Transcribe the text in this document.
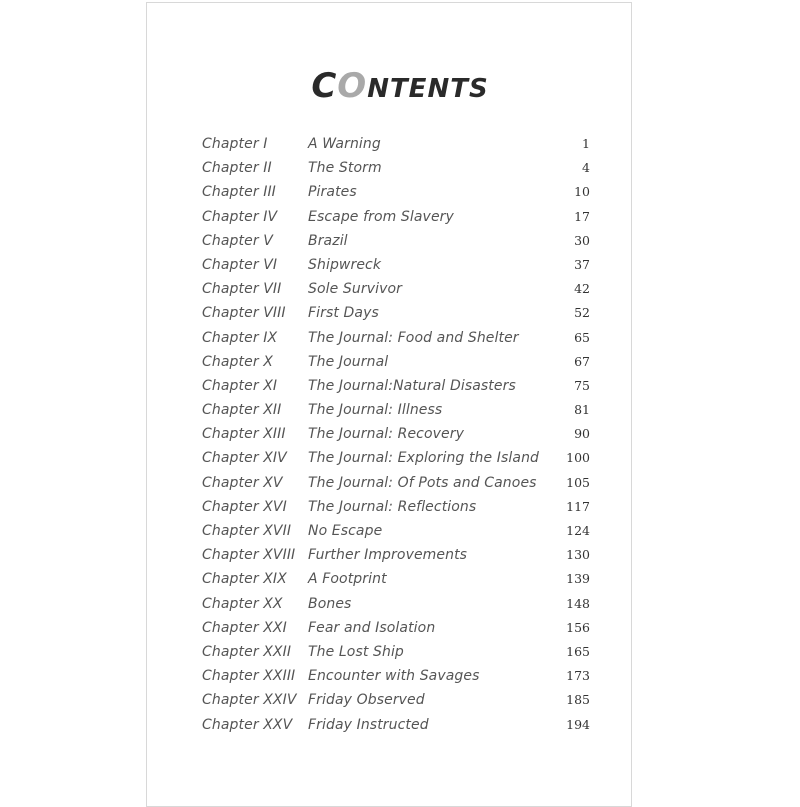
CONTENTS
Chapter I	A Warning	1
Chapter II	The Storm	4
Chapter III Pirates	10
Chapter IV Escape from Slavery	17
Chapter V	Brazil	30
Chapter VI Shipwreck	37
Chapter VII Sole Survivor	42
Chapter VIII First Days	52
Chapter IX The Journal: Food and Shelter	65
Chapter X	The Journal	67
Chapter XI The Journal:Natural Disasters	75
Chapter XII The Journal: Illness	81
Chapter XIII The Journal: Recovery	90
Chapter XIV The Journal: Exploring the Island 100
Chapter XV The Journal: Of Pots and Canoes 105
Chapter XVI The Journal: Reflections	117
Chapter XVII No Escape	124
Chapter XVIII Further Improvements	130
Chapter XIX A Footprint	139
Chapter XX Bones	148
Chapter XXI Fear and Isolation	156
Chapter XXII The Lost Ship	165
Chapter XXIII Encounter with Savages	173
Chapter XXIV Friday Observed	185
Chapter XXV Friday Instructed	194
